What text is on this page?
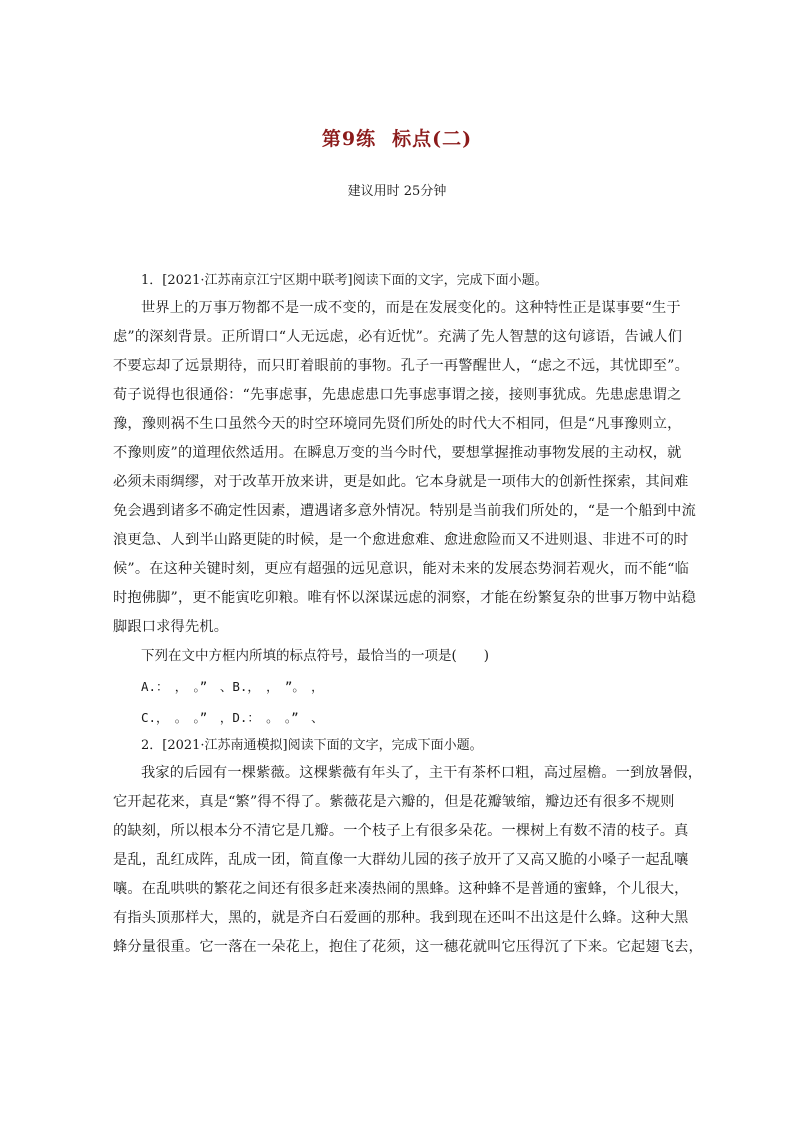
第9练 标点(二)
建议用时 25分钟

1．[2021·江苏南京江宁区期中联考]阅读下面的文字，完成下面小题。

世界上的万事万物都不是一成不变的，而是在发展变化的。这种特性正是谋事要“生于
虑”的深刻背景。正所谓口“人无远虑，必有近忧”。充满了先人智慧的这句谚语，告诫人们
不要忘却了远景期待，而只盯着眼前的事物。孔子一再警醒世人，“虑之不远，其忧即至”。
荀子说得也很通俗：“先事虑事，先患虑患口先事虑事谓之接，接则事犹成。先患虑患谓之
豫，豫则祸不生口虽然今天的时空环境同先贤们所处的时代大不相同，但是“凡事豫则立，
不豫则废”的道理依然适用。在瞬息万变的当今时代，要想掌握推动事物发展的主动权，就
必须未雨绸缪，对于改革开放来讲，更是如此。它本身就是一项伟大的创新性探索，其间难
免会遇到诸多不确定性因素，遭遇诸多意外情况。特别是当前我们所处的，“是一个船到中流
浪更急、人到半山路更陡的时候，是一个愈进愈难、愈进愈险而又不进则退、非进不可的时
候”。在这种关键时刻，更应有超强的远见意识，能对未来的发展态势洞若观火，而不能“临
时抱佛脚”，更不能寅吃卯粮。唯有怀以深谋远虑的洞察，才能在纷繁复杂的世事万物中站稳
脚跟口求得先机。

下列在文中方框内所填的标点符号，最恰当的一项是(　　)

A.：　，　。”　、B.，　，　”。　，
C.，　。　。”　，D.：　。　。”　、

2．[2021·江苏南通模拟]阅读下面的文字，完成下面小题。

我家的后园有一棵紫薇。这棵紫薇有年头了，主干有茶杯口粗，高过屋檐。一到放暑假，
它开起花来，真是“繁”得不得了。紫薇花是六瓣的，但是花瓣皱缩，瓣边还有很多不规则
的缺刻，所以根本分不清它是几瓣。一个枝子上有很多朵花。一棵树上有数不清的枝子。真
是乱，乱红成阵，乱成一团，简直像一大群幼儿园的孩子放开了又高又脆的小嗓子一起乱嚷
嚷。在乱哄哄的繁花之间还有很多赶来凑热闹的黑蜂。这种蜂不是普通的蜜蜂，个儿很大，
有指头顶那样大，黑的，就是齐白石爱画的那种。我到现在还叫不出这是什么蜂。这种大黑
蜂分量很重。它一落在一朵花上，抱住了花须，这一穗花就叫它压得沉了下来。它起翅飞去，
